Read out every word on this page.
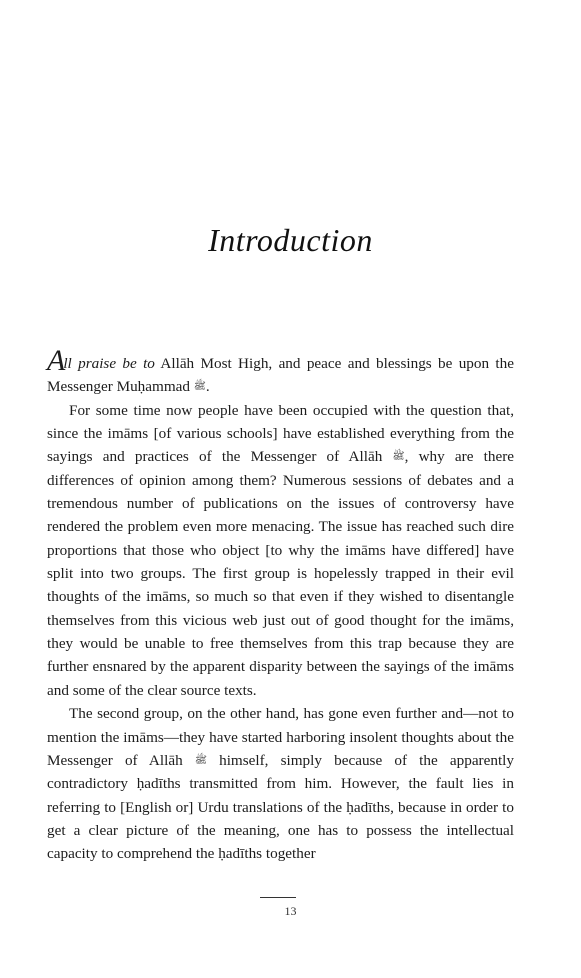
Introduction

All praise be to Allāh Most High, and peace and blessings be upon the Messenger Muḥammad ﷺ.

For some time now people have been occupied with the question that, since the imāms [of various schools] have established everything from the sayings and practices of the Messenger of Allāh ﷺ, why are there differences of opinion among them? Numerous sessions of debates and a tremendous number of publications on the issues of controversy have rendered the problem even more menacing. The issue has reached such dire proportions that those who object [to why the imāms have differed] have split into two groups. The first group is hopelessly trapped in their evil thoughts of the imāms, so much so that even if they wished to disentangle themselves from this vicious web just out of good thought for the imāms, they would be unable to free themselves from this trap because they are further ensnared by the apparent disparity between the sayings of the imāms and some of the clear source texts.

The second group, on the other hand, has gone even further and—not to mention the imāms—they have started harboring insolent thoughts about the Messenger of Allāh ﷺ himself, simply because of the apparently contradictory ḥadīths transmitted from him. However, the fault lies in referring to [English or] Urdu translations of the ḥadīths, because in order to get a clear picture of the meaning, one has to possess the intellectual capacity to comprehend the ḥadīths together

13
